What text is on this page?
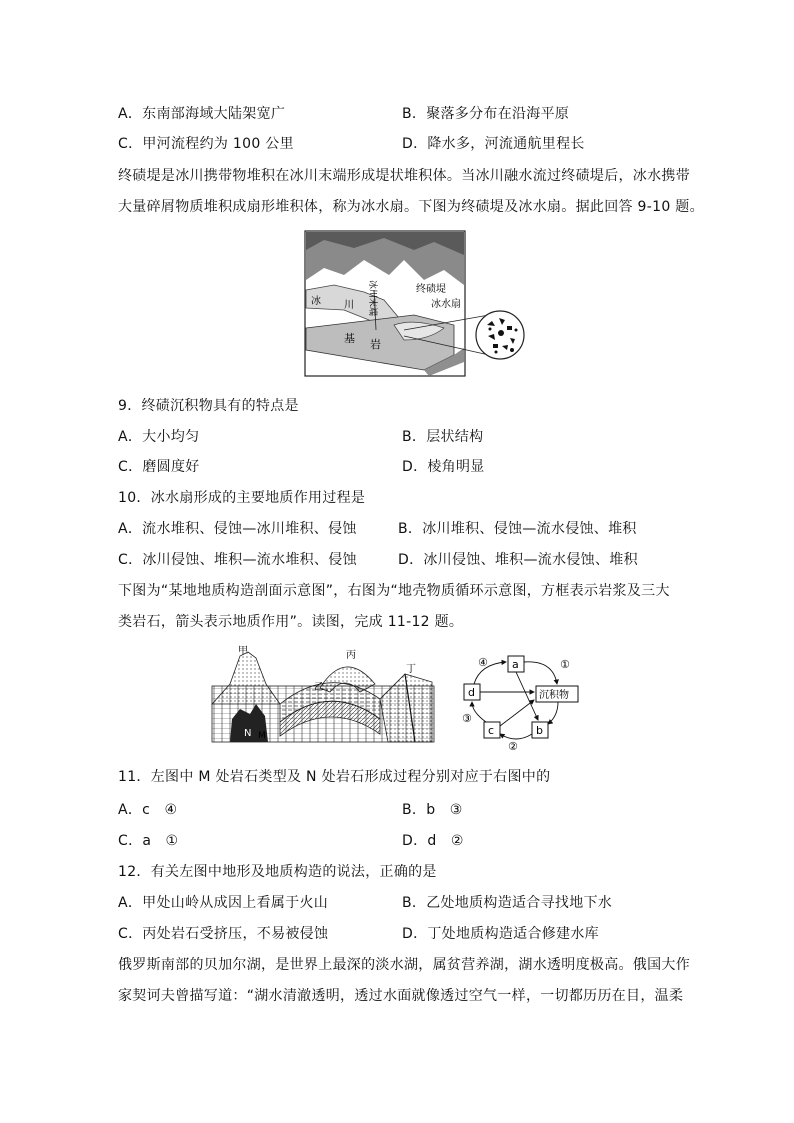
A．东南部海域大陆架宽广	B．聚落多分布在沿海平原
C．甲河流程约为 100 公里	D．降水多，河流通航里程长
终碛堤是冰川携带物堆积在冰川末端形成堤状堆积体。当冰川融水流过终碛堤后，冰水携带
大量碎屑物质堆积成扇形堆积体，称为冰水扇。下图为终碛堤及冰水扇。据此回答 9-10 题。
冰 川 冰川末端	终碛堤
冰水扇
基 岩
9．终碛沉积物具有的特点是
A．大小均匀	B．层状结构
C．磨圆度好	D．棱角明显
10．冰水扇形成的主要地质作用过程是
A．流水堆积、侵蚀—冰川堆积、侵蚀	B．冰川堆积、侵蚀—流水侵蚀、堆积
C．冰川侵蚀、堆积—流水堆积、侵蚀	D．冰川侵蚀、堆积—流水侵蚀、堆积
下图为“某地地质构造剖面示意图”，右图为“地壳物质循环示意图，方框表示岩浆及三大
类岩石，箭头表示地质作用”。读图，完成 11-12 题。
甲
乙
丙
丁
N M
a
沉积物
d
c	b
④	①
③
②
11．左图中 M 处岩石类型及 N 处岩石形成过程分别对应于右图中的
A．c　④	B．b　③
C．a　①	D．d　②
12．有关左图中地形及地质构造的说法，正确的是
A．甲处山岭从成因上看属于火山	B．乙处地质构造适合寻找地下水
C．丙处岩石受挤压，不易被侵蚀	D．丁处地质构造适合修建水库
俄罗斯南部的贝加尔湖，是世界上最深的淡水湖，属贫营养湖，湖水透明度极高。俄国大作
家契诃夫曾描写道：“湖水清澈透明，透过水面就像透过空气一样，一切都历历在目，温柔
